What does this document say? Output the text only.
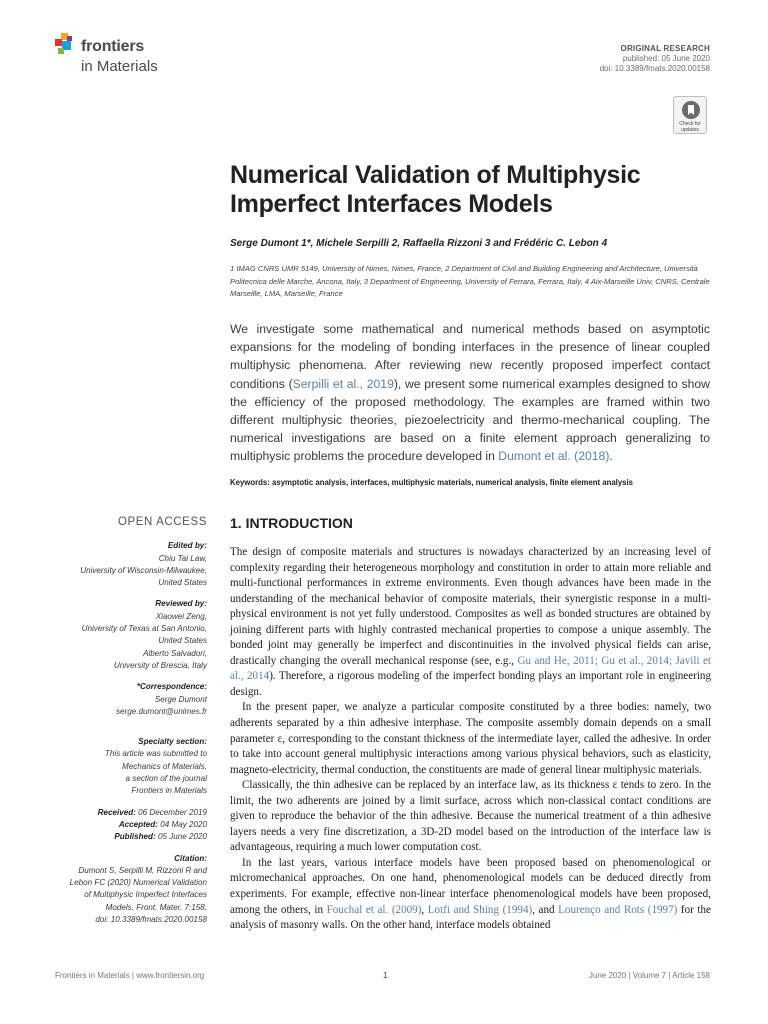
frontiers
in Materials
ORIGINAL RESEARCH
published: 05 June 2020
doi: 10.3389/fmats.2020.00158
Check for
updates
Numerical Validation of Multiphysic Imperfect Interfaces Models
Serge Dumont 1*, Michele Serpilli 2, Raffaella Rizzoni 3 and Frédéric C. Lebon 4
1 IMAG CNRS UMR 5149, University of Nimes, Nimes, France, 2 Department of Civil and Building Engineering and Architecture, Università Politecnica delle Marche, Ancona, Italy, 3 Department of Engineering, University of Ferrara, Ferrara, Italy, 4 Aix-Marseille Univ, CNRS, Centrale Marseille, LMA, Marseille, France
We investigate some mathematical and numerical methods based on asymptotic expansions for the modeling of bonding interfaces in the presence of linear coupled multiphysic phenomena. After reviewing new recently proposed imperfect contact conditions (Serpilli et al., 2019), we present some numerical examples designed to show the efficiency of the proposed methodology. The examples are framed within two different multiphysic theories, piezoelectricity and thermo-mechanical coupling. The numerical investigations are based on a finite element approach generalizing to multiphysic problems the procedure developed in Dumont et al. (2018).
Keywords: asymptotic analysis, interfaces, multiphysic materials, numerical analysis, finite element analysis
OPEN ACCESS
Edited by:
Chiu Tai Law,
University of Wisconsin-Milwaukee,
United States
Reviewed by:
Xiaowei Zeng,
University of Texas at San Antonio,
United States
Alberto Salvadori,
University of Brescia, Italy
*Correspondence:
Serge Dumont
serge.dumont@unimes.fr
Specialty section:
This article was submitted to
Mechanics of Materials,
a section of the journal
Frontiers in Materials
Received: 06 December 2019
Accepted: 04 May 2020
Published: 05 June 2020
Citation:
Dumont S, Serpilli M, Rizzoni R and
Lebon FC (2020) Numerical Validation
of Multiphysic Imperfect Interfaces
Models. Front. Mater. 7:158.
doi: 10.3389/fmats.2020.00158
1. INTRODUCTION

The design of composite materials and structures is nowadays characterized by an increasing level of complexity regarding their heterogeneous morphology and constitution in order to attain more reliable and multi-functional performances in extreme environments. Even though advances have been made in the understanding of the mechanical behavior of composite materials, their synergistic response in a multi-physical environment is not yet fully understood. Composites as well as bonded structures are obtained by joining different parts with highly contrasted mechanical properties to compose a unique assembly. The bonded joint may generally be imperfect and discontinuities in the involved physical fields can arise, drastically changing the overall mechanical response (see, e.g., Gu and He, 2011; Gu et al., 2014; Javili et al., 2014). Therefore, a rigorous modeling of the imperfect bonding plays an important role in engineering design.

In the present paper, we analyze a particular composite constituted by a three bodies: namely, two adherents separated by a thin adhesive interphase. The composite assembly domain depends on a small parameter ε, corresponding to the constant thickness of the intermediate layer, called the adhesive. In order to take into account general multiphysic interactions among various physical behaviors, such as elasticity, magneto-electricity, thermal conduction, the constituents are made of general linear multiphysic materials.

Classically, the thin adhesive can be replaced by an interface law, as its thickness ε tends to zero. In the limit, the two adherents are joined by a limit surface, across which non-classical contact conditions are given to reproduce the behavior of the thin adhesive. Because the numerical treatment of a thin adhesive layers needs a very fine discretization, a 3D-2D model based on the introduction of the interface law is advantageous, requiring a much lower computation cost.

In the last years, various interface models have been proposed based on phenomenological or micromechanical approaches. On one hand, phenomenological models can be deduced directly from experiments. For example, effective non-linear interface phenomenological models have been proposed, among the others, in Fouchal et al. (2009), Lotfi and Shing (1994), and Lourenço and Rots (1997) for the analysis of masonry walls. On the other hand, interface models obtained

Frontiers in Materials | www.frontiersin.org	1	June 2020 | Volume 7 | Article 158
